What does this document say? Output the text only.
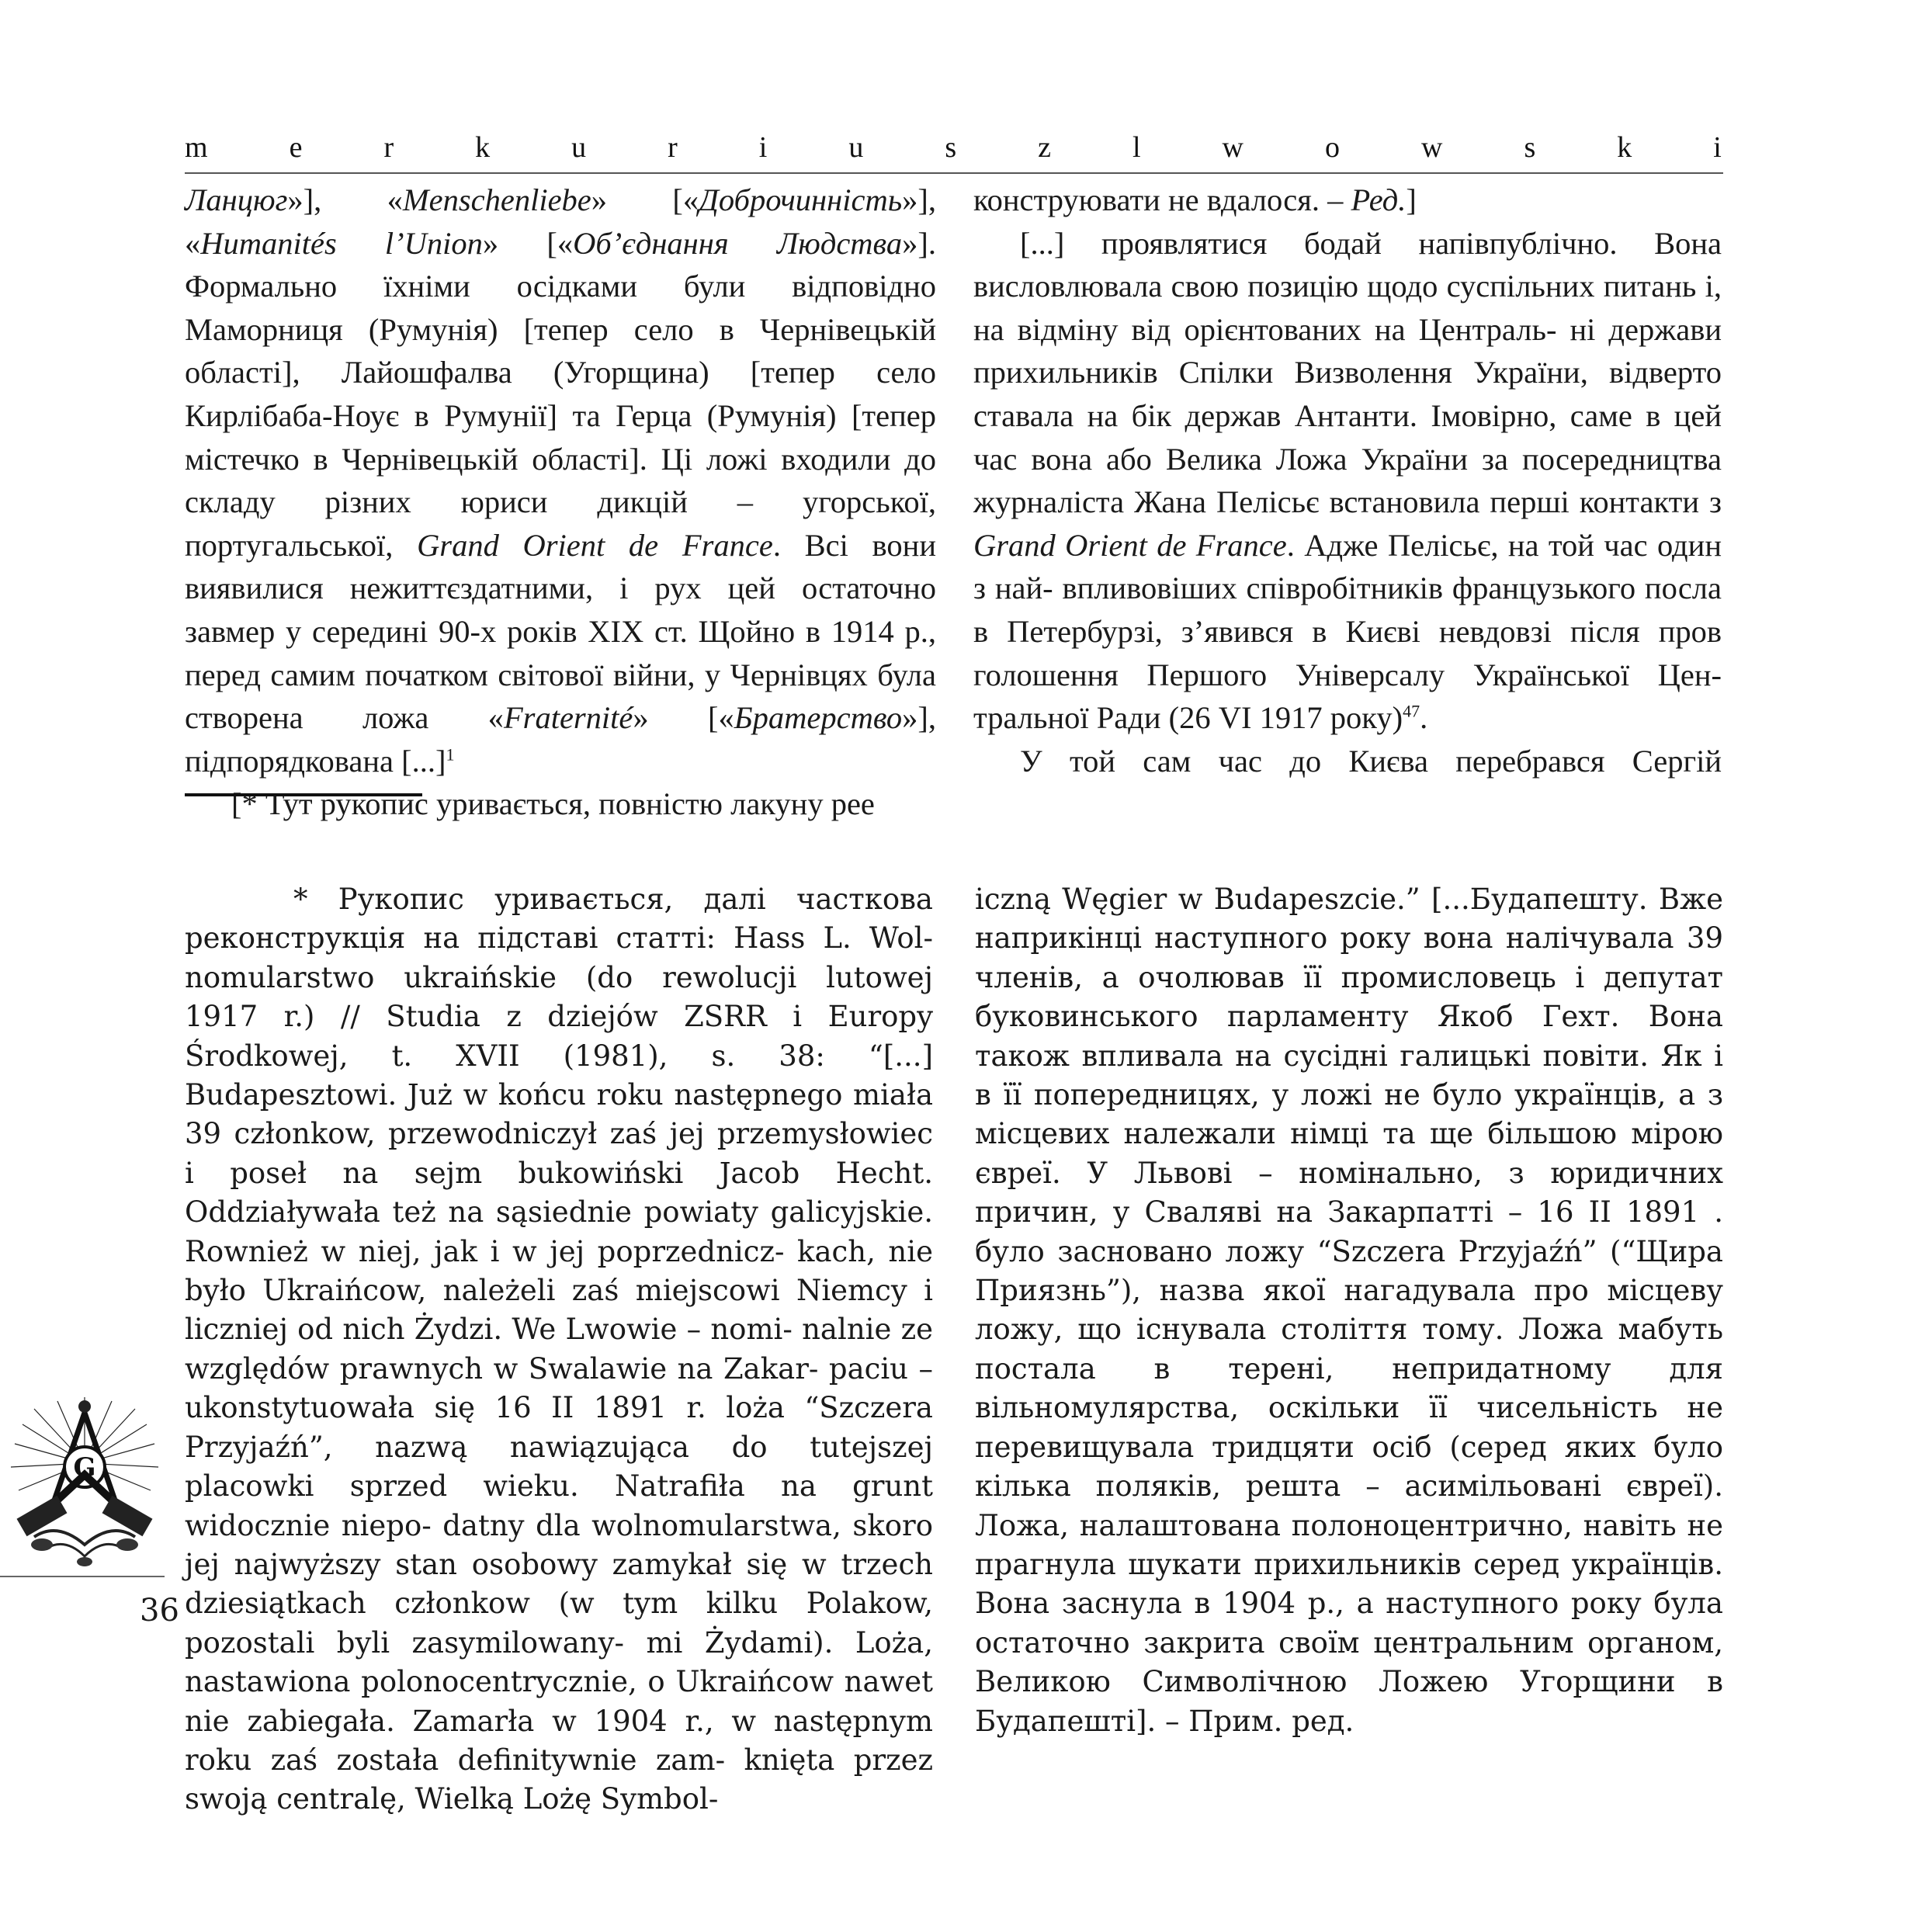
m	e	r	k	u	r	i	u	s	z	l	w	o	w	s	k	i

Ланцюг»], «Menschenliebe» [«Доброчинність»], «Humanités l’Union» [«Об’єднання Людства»]. Формально їхніми осідками були відповідно Маморниця (Румунія) [тепер село в Чернівецькій області], Лайошфалва (Угорщина) [тепер село Кирлібаба-Ноує в Румунії] та Герца (Румунія) [тепер містечко в Чернівецькій області]. Ці ложі входили до складу різних юриси дикцій – угорської, португальської, Grand Orient de France. Всі вони виявилися нежиттєздатними, і рух цей остаточно завмер у середині 90-х років XIX ст. Щойно в 1914 р., перед самим початком світової війни, у Чернівцях була створена ложа «Fraternité» [«Братерство»], підпорядкована [...]$^1$

[* Тут рукопис уривається, повністю лакуну рее

конструювати не вдалося. – Ред.]

[...] проявлятися бодай напівпублічно. Вона висловлювала свою позицію щодо суспільних питань і, на відміну від орієнтованих на Централь- ні держави прихильників Спілки Визволення України, відверто ставала на бік держав Антанти. Імовірно, саме в цей час вона або Велика Ложа України за посередництва журналіста Жана Пелісьє встановила перші контакти з Grand Orient de France. Адже Пелісьє, на той час один з най- впливовіших співробітників французького посла в Петербурзі, з’явився в Києві невдовзі після пров голошення Першого Універсалу Української Цен- тральної Ради (26 VI 1917 року)$^{47}$.

У той сам час до Києва перебрався Сергій

* Рукопис уривається, далі часткова реконструкція на підставі статті: Hass L. Wol- nomularstwo ukraińskie (do rewolucji lutowej 1917 r.) // Studia z dziejów ZSRR i Europy Środkowej, t. XVII (1981), s. 38: “[...] Budapesztowi. Już w końcu roku następnego miała 39 członkow, przewodniczył zaś jej przemysłowiec i poseł na sejm bukowiński Jacob Hecht. Oddziaływała też na sąsiednie powiaty galicyjskie. Rownież w niej, jak i w jej poprzednicz- kach, nie było Ukraińcow, należeli zaś miejscowi Niemcy i liczniej od nich Żydzi. We Lwowie – nomi- nalnie ze względów prawnych w Swalawie na Zakar- paciu – ukonstytuowała się 16 II 1891 r. loża “Szczera Przyjaźń”, nazwą nawiązująca do tutejszej placowki sprzed wieku. Natrafiła na grunt widocznie niepo- datny dla wolnomularstwa, skoro jej najwyższy stan osobowy zamykał się w trzech dziesiątkach członkow (w tym kilku Polakow, pozostali byli zasymilowany- mi Żydami). Loża, nastawiona polonocentrycznie, o Ukraińcow nawet nie zabiegała. Zamarła w 1904 r., w następnym roku zaś została definitywnie zam- knięta przez swoją centralę, Wielką Lożę Symbol-

iczną Węgier w Budapeszcie.” [...Будапешту. Вже наприкінці наступного року вона налічувала 39 членів, а очолював її промисловець і депутат буковинського парламенту Якоб Гехт. Вона також впливала на сусідні галицькі повіти. Як і в її попередницях, у ложі не було українців, а з місцевих належали німці та ще більшою мірою євреї. У Львові – номінально, з юридичних причин, у Сваляві на Закарпатті – 16 II 1891 . було засновано ложу “Szczera Przyjaźń” (“Щира Приязнь”), назва якої нагадувала про місцеву ложу, що існувала століття тому. Ложа мабуть постала в терені, непридатному для вільномулярства, оскільки її чисельність не перевищувала тридцяти осіб (серед яких було кілька поляків, решта – асимільовані євреї). Ложа, налаштована полоноцентрично, навіть не прагнула шукати прихильників серед українців. Вона заснула в 1904 р., а наступного року була остаточно закрита своїм центральним органом, Великою Символічною Ложею Угорщини в Будапешті]. – Прим. ред.

G
36
